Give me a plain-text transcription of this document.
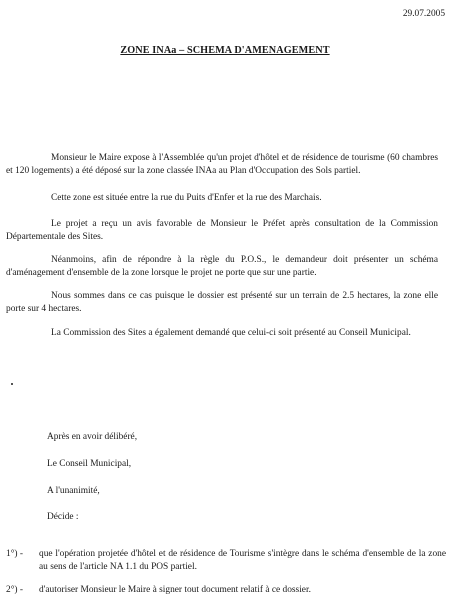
29.07.2005
ZONE INAa – SCHEMA D'AMENAGEMENT

Monsieur le Maire expose à l'Assemblée qu'un projet d'hôtel et de résidence de tourisme (60 chambres et 120 logements) a été déposé sur la zone classée INAa au Plan d'Occupation des Sols partiel.

Cette zone est située entre la rue du Puits d'Enfer et la rue des Marchais.

Le projet a reçu un avis favorable de Monsieur le Préfet après consultation de la Commission Départementale des Sites.

Néanmoins, afin de répondre à la règle du P.O.S., le demandeur doit présenter un schéma d'aménagement d'ensemble de la zone lorsque le projet ne porte que sur une partie.

Nous sommes dans ce cas puisque le dossier est présenté sur un terrain de 2.5 hectares, la zone elle porte sur 4 hectares.

La Commission des Sites a également demandé que celui-ci soit présenté au Conseil Municipal.

Après en avoir délibéré,

Le Conseil Municipal,

A l'unanimité,

Décide :

1°) - que l'opération projetée d'hôtel et de résidence de Tourisme s'intègre dans le schéma d'ensemble de la zone au sens de l'article NA 1.1 du POS partiel.
2°) - d'autoriser Monsieur le Maire à signer tout document relatif à ce dossier.
